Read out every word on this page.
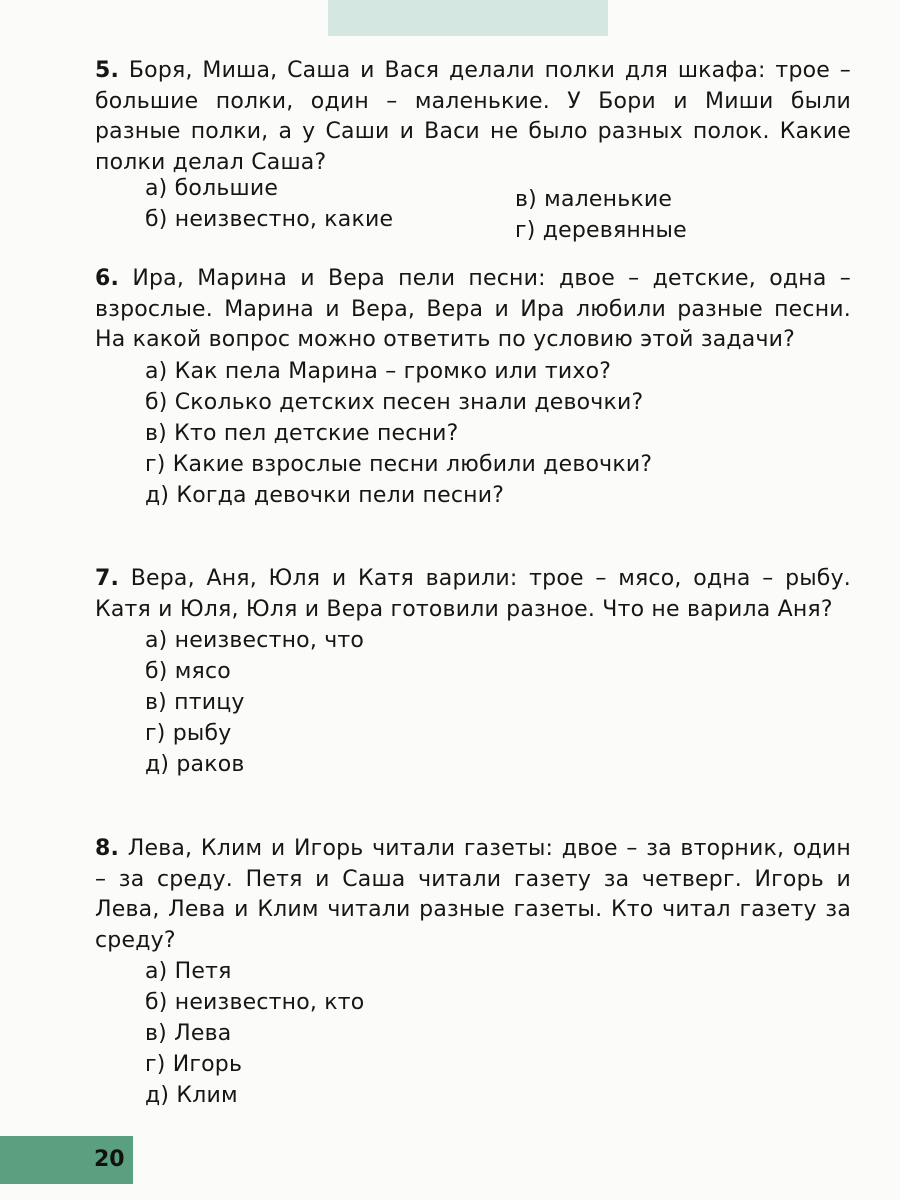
5. Боря, Миша, Саша и Вася делали полки для шкафа: трое – большие полки, один – маленькие. У Бори и Миши были разные полки, а у Саши и Васи не было разных полок. Какие полки делал Саша?
а) большие
б) неизвестно, какие
в) маленькие
г) деревянные
6. Ира, Марина и Вера пели песни: двое – детские, одна – взрослые. Марина и Вера, Вера и Ира любили разные песни. На какой вопрос можно ответить по условию этой задачи?
а) Как пела Марина – громко или тихо?
б) Сколько детских песен знали девочки?
в) Кто пел детские песни?
г) Какие взрослые песни любили девочки?
д) Когда девочки пели песни?
7. Вера, Аня, Юля и Катя варили: трое – мясо, одна – рыбу. Катя и Юля, Юля и Вера готовили разное. Что не варила Аня?
а) неизвестно, что
б) мясо
в) птицу
г) рыбу
д) раков
8. Лева, Клим и Игорь читали газеты: двое – за вторник, один – за среду. Петя и Саша читали газету за четверг. Игорь и Лева, Лева и Клим читали разные газеты. Кто читал газету за среду?
а) Петя
б) неизвестно, кто
в) Лева
г) Игорь
д) Клим
20
